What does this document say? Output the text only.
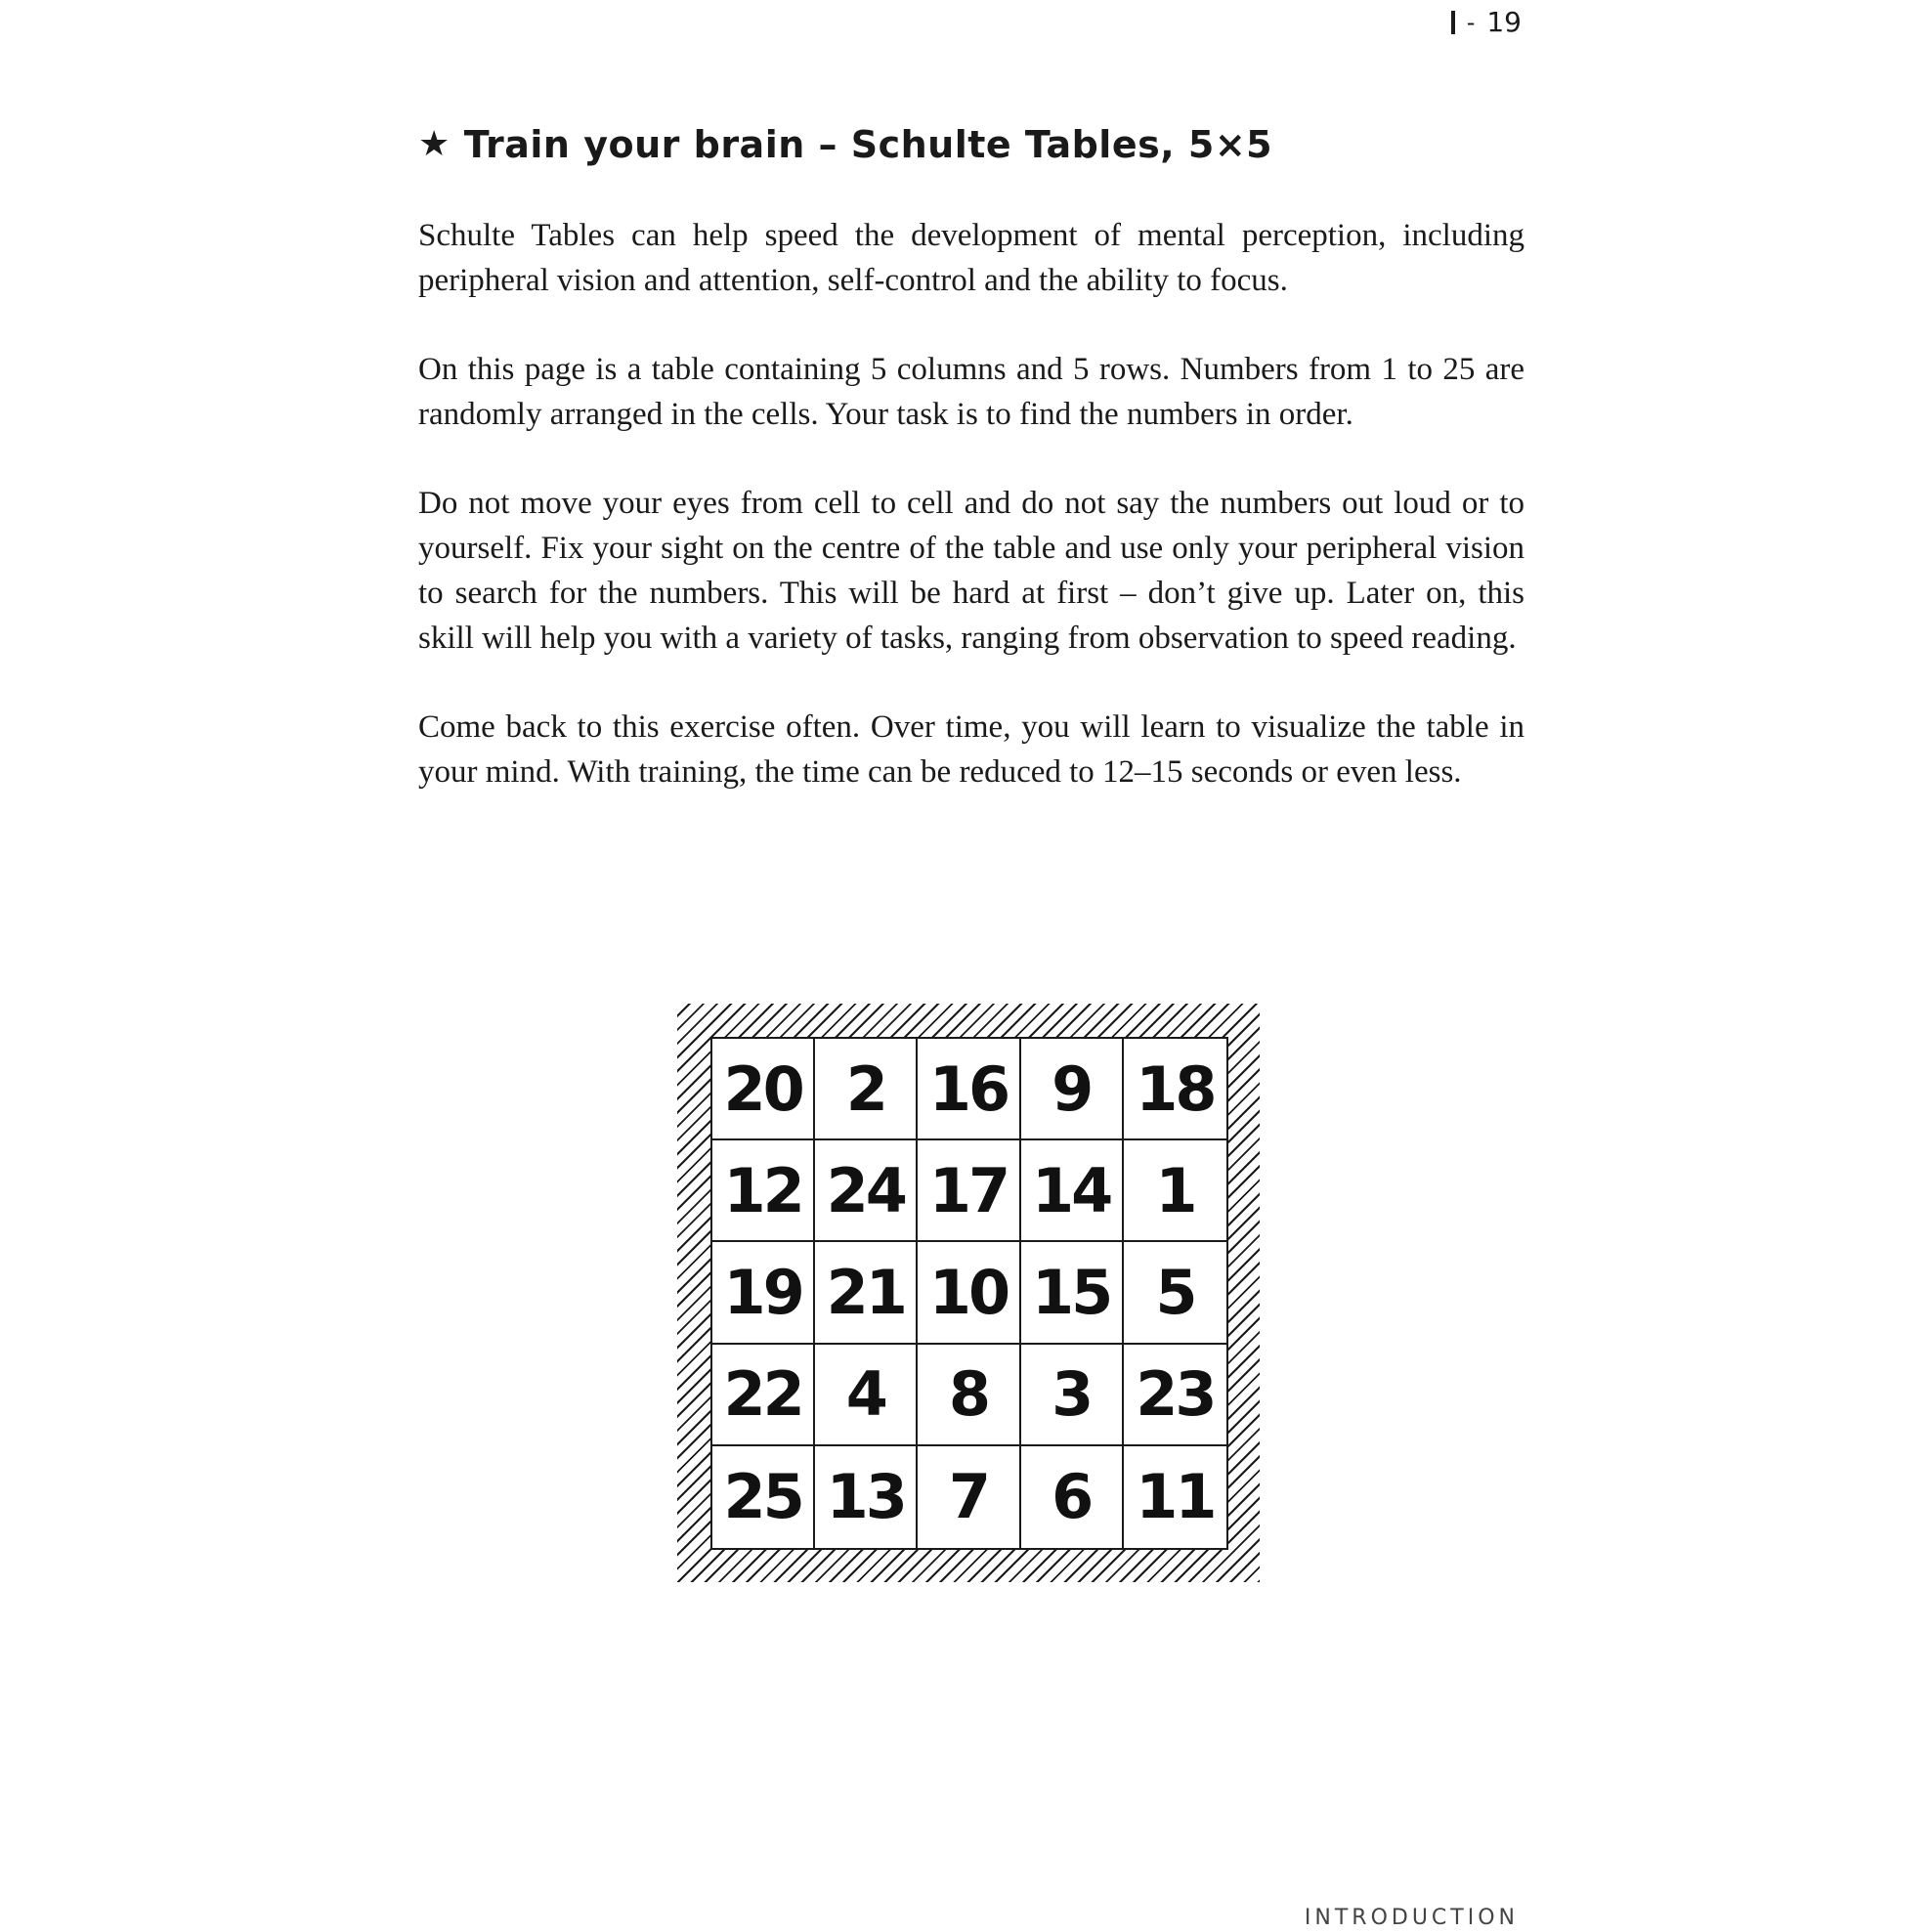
- 19
★ Train your brain – Schulte Tables, 5×5

Schulte Tables can help speed the development of mental perception, including peripheral vision and attention, self-control and the ability to focus.

On this page is a table containing 5 columns and 5 rows. Numbers from 1 to 25 are randomly arranged in the cells. Your task is to find the numbers in order.

Do not move your eyes from cell to cell and do not say the numbers out loud or to yourself. Fix your sight on the centre of the table and use only your peripheral vision to search for the numbers. This will be hard at first – don’t give up. Later on, this skill will help you with a variety of tasks, ranging from observation to speed reading.

Come back to this exercise often. Over time, you will learn to visualize the table in your mind. With training, the time can be reduced to 12–15 seconds or even less.

20 2 16 9 18
12 24 17 14 1
19 21 10 15 5
22 4	8	3 23
25 13 7	6 11
INTRODUCTION
